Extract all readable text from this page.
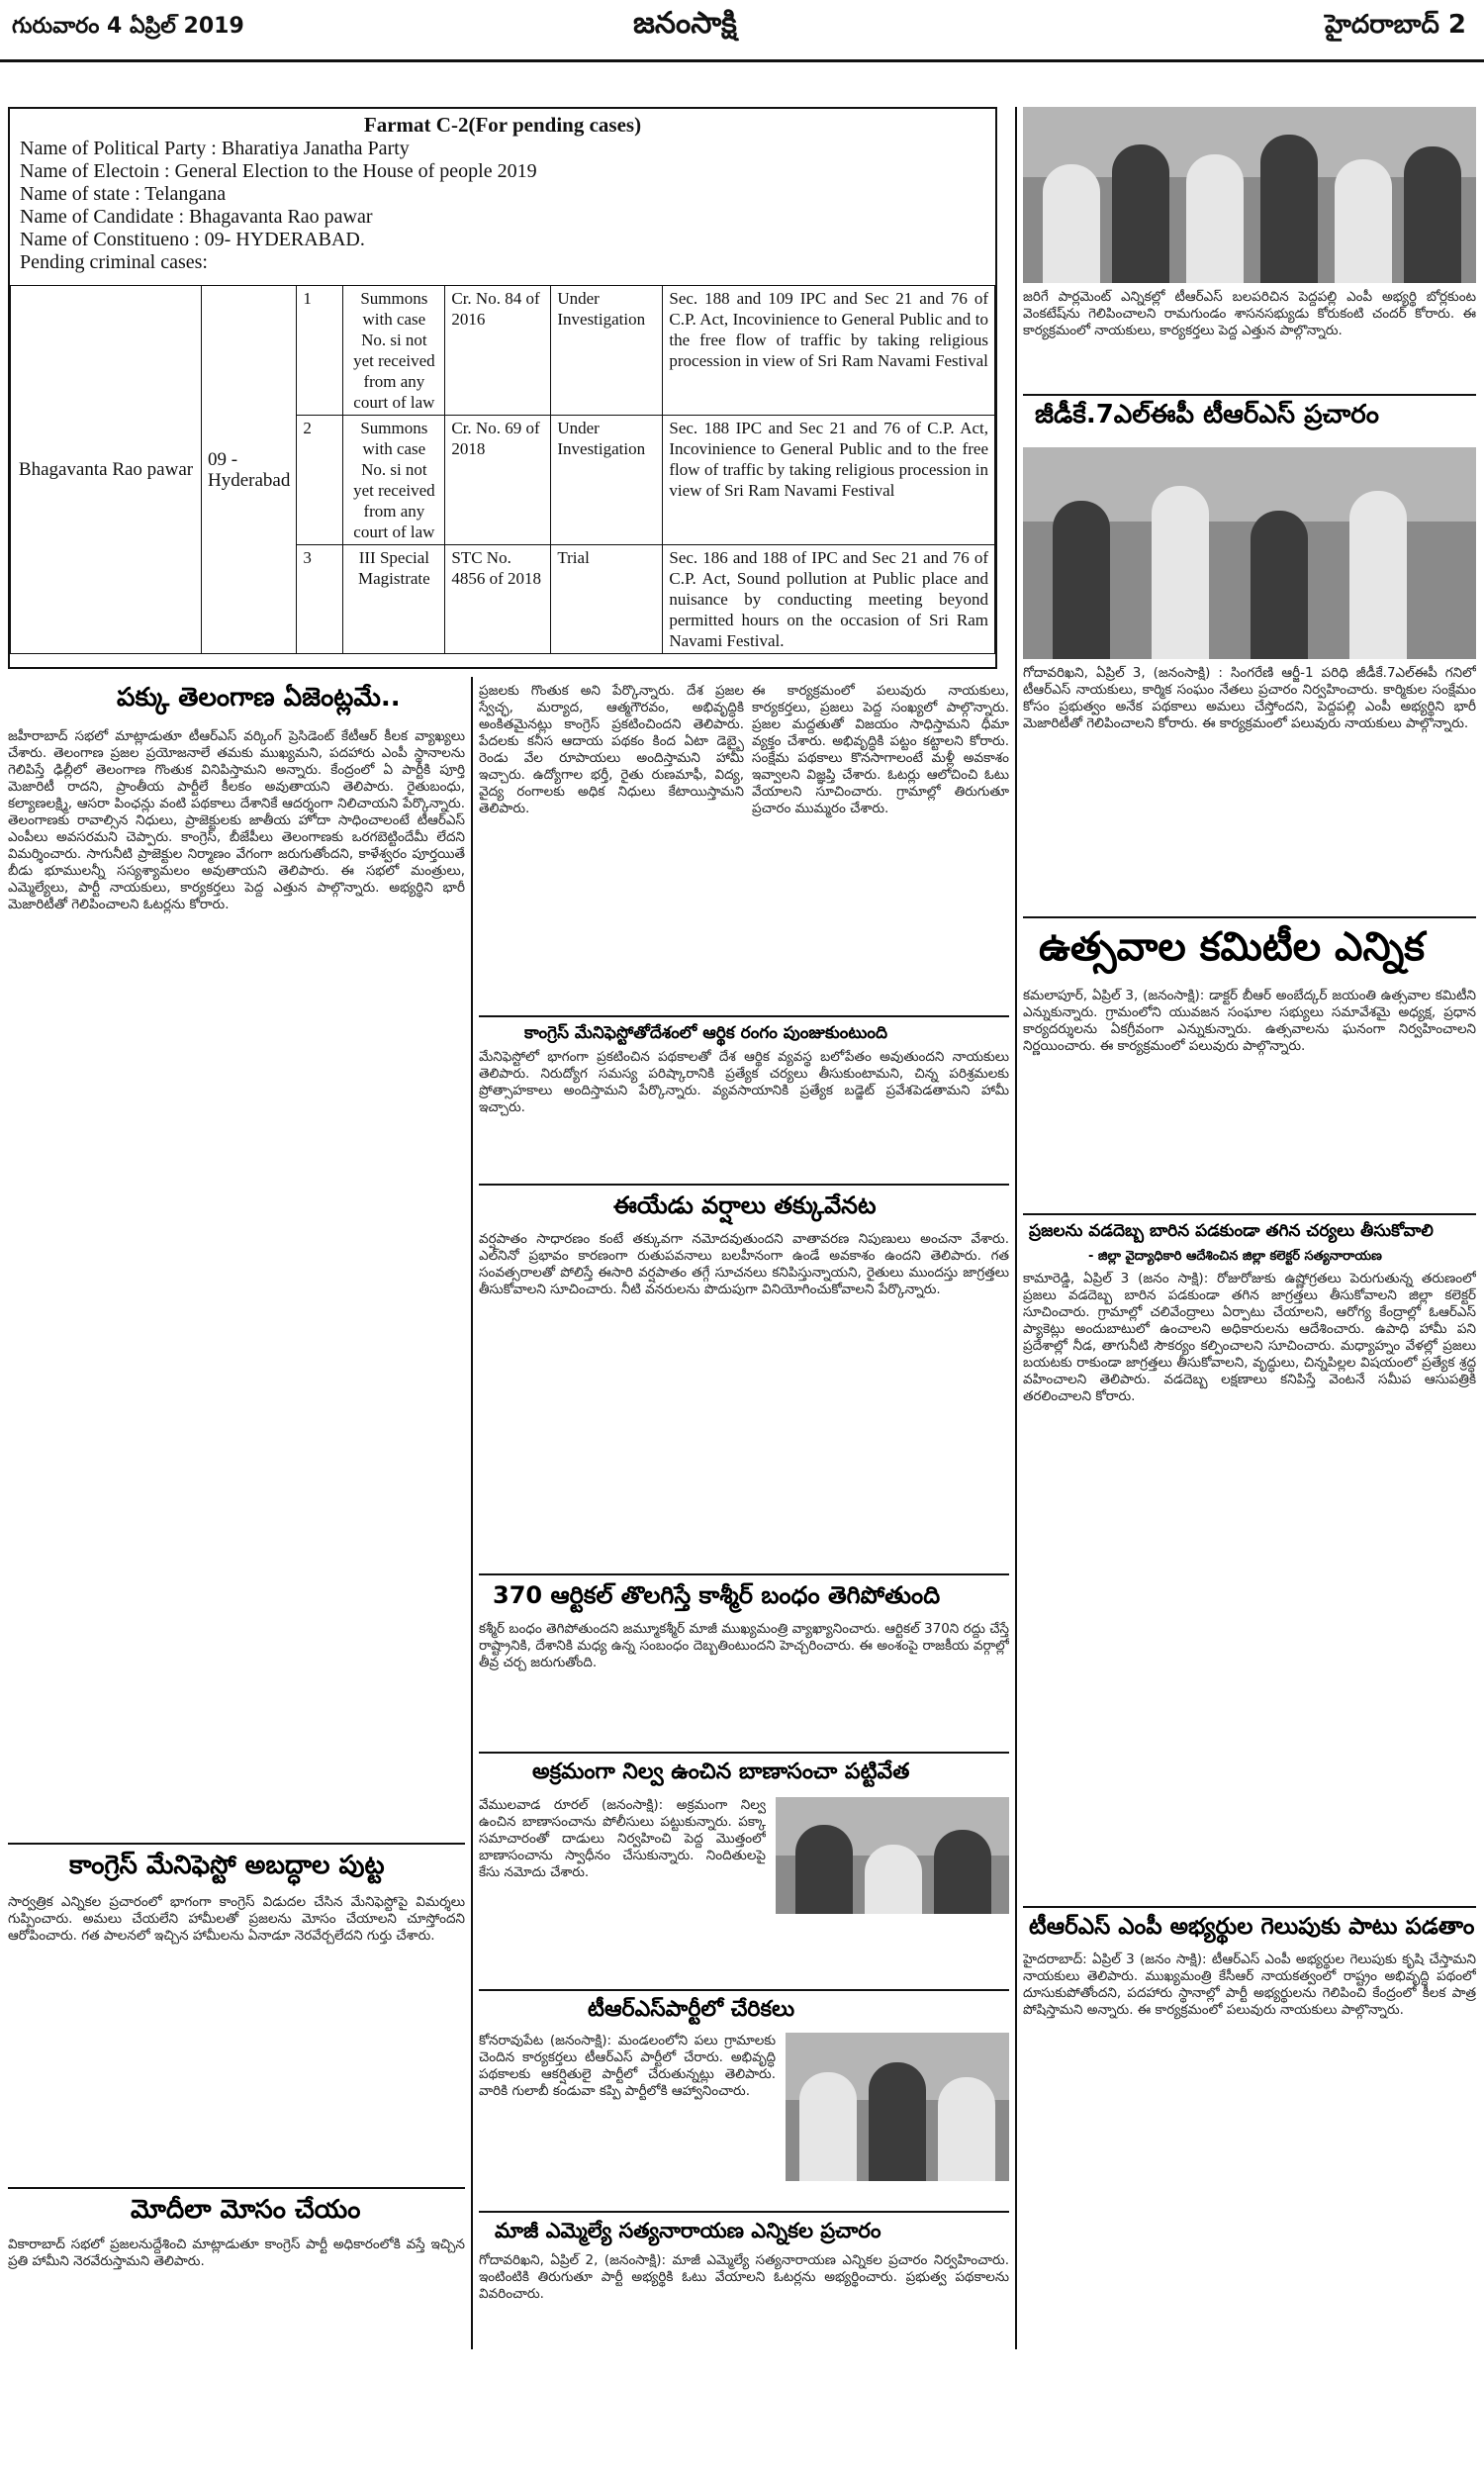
గురువారం 4 ఏప్రిల్ 2019	జనంసాక్షి	హైదరాబాద్ 2
Farmat C-2(For pending cases)
Name of Political Party : Bharatiya Janatha Party
Name of Electoin : General Election to the House of people 2019
Name of state : Telangana
Name of Candidate : Bhagavanta Rao pawar
Name of Constitueno : 09- HYDERABAD.
Pending criminal cases:
Bhagavanta Rao pawar	09 - Hyderabad	1	Summons with case No. si not yet received from any court of law	Cr. No. 84 of 2016	Under Investigation	Sec. 188 and 109 IPC and Sec 21 and 76 of C.P. Act, Incovinience to General Public and to the free flow of traffic by taking religious procession in view of Sri Ram Navami Festival
		2	Summons with case No. si not yet received from any court of law	Cr. No. 69 of 2018	Under Investigation	Sec. 188 IPC and Sec 21 and 76 of C.P. Act, Incovinience to General Public and to the free flow of traffic by taking religious procession in view of Sri Ram Navami Festival
		3	III Special Magistrate	STC No. 4856 of 2018	Trial	Sec. 186 and 188 of IPC and Sec 21 and 76 of C.P. Act, Sound pollution at Public place and nuisance by conducting meeting beyond permitted hours on the occasion of Sri Ram Navami Festival.
జరిగే పార్లమెంట్ ఎన్నికల్లో టీఆర్ఎస్ బలపరిచిన పెద్దపల్లి ఎంపీ అభ్యర్థి బోర్లకుంట వెంకటేష్‌ను గెలిపించాలని రామగుండం శాసనసభ్యుడు కోరుకంటి చందర్ కోరారు. ఈ కార్యక్రమంలో నాయకులు, కార్యకర్తలు పెద్ద ఎత్తున పాల్గొన్నారు.
జీడీకే.7ఎల్ఈపీ టీఆర్ఎస్ ప్రచారం
గోదావరిఖని, ఏప్రిల్ 3, (జనంసాక్షి) : సింగరేణి ఆర్జీ-1 పరిధి జీడీకే.7ఎల్ఈపీ గనిలో టీఆర్ఎస్ నాయకులు, కార్మిక సంఘం నేతలు ప్రచారం నిర్వహించారు. కార్మికుల సంక్షేమం కోసం ప్రభుత్వం అనేక పథకాలు అమలు చేస్తోందని, పెద్దపల్లి ఎంపీ అభ్యర్థిని భారీ మెజారిటీతో గెలిపించాలని కోరారు. ఈ కార్యక్రమంలో పలువురు నాయకులు పాల్గొన్నారు.
ఉత్సవాల కమిటీల ఎన్నిక
కమలాపూర్, ఏప్రిల్ 3, (జనంసాక్షి): డాక్టర్ బీఆర్ అంబేద్కర్ జయంతి ఉత్సవాల కమిటీని ఎన్నుకున్నారు. గ్రామంలోని యువజన సంఘాల సభ్యులు సమావేశమై అధ్యక్ష, ప్రధాన కార్యదర్శులను ఏకగ్రీవంగా ఎన్నుకున్నారు. ఉత్సవాలను ఘనంగా నిర్వహించాలని నిర్ణయించారు. ఈ కార్యక్రమంలో పలువురు పాల్గొన్నారు.
ప్రజలను వడదెబ్బ బారిన పడకుండా తగిన చర్యలు తీసుకోవాలి
- జిల్లా వైద్యాధికారి ఆదేశించిన జిల్లా కలెక్టర్ సత్యనారాయణ
కామారెడ్డి, ఏప్రిల్ 3 (జనం సాక్షి): రోజురోజుకు ఉష్ణోగ్రతలు పెరుగుతున్న తరుణంలో ప్రజలు వడదెబ్బ బారిన పడకుండా తగిన జాగ్రత్తలు తీసుకోవాలని జిల్లా కలెక్టర్ సూచించారు. గ్రామాల్లో చలివేంద్రాలు ఏర్పాటు చేయాలని, ఆరోగ్య కేంద్రాల్లో ఓఆర్ఎస్ ప్యాకెట్లు అందుబాటులో ఉంచాలని అధికారులను ఆదేశించారు. ఉపాధి హామీ పని ప్రదేశాల్లో నీడ, తాగునీటి సౌకర్యం కల్పించాలని సూచించారు. మధ్యాహ్నం వేళల్లో ప్రజలు బయటకు రాకుండా జాగ్రత్తలు తీసుకోవాలని, వృద్ధులు, చిన్నపిల్లల విషయంలో ప్రత్యేక శ్రద్ధ వహించాలని తెలిపారు. వడదెబ్బ లక్షణాలు కనిపిస్తే వెంటనే సమీప ఆసుపత్రికి తరలించాలని కోరారు.
టీఆర్ఎస్ ఎంపీ అభ్యర్థుల గెలుపుకు పాటు పడతాం
హైదరాబాద్: ఏప్రిల్ 3 (జనం సాక్షి): టీఆర్ఎస్ ఎంపీ అభ్యర్థుల గెలుపుకు కృషి చేస్తామని నాయకులు తెలిపారు. ముఖ్యమంత్రి కేసీఆర్ నాయకత్వంలో రాష్ట్రం అభివృద్ధి పథంలో దూసుకుపోతోందని, పదహారు స్థానాల్లో పార్టీ అభ్యర్థులను గెలిపించి కేంద్రంలో కీలక పాత్ర పోషిస్తామని అన్నారు. ఈ కార్యక్రమంలో పలువురు నాయకులు పాల్గొన్నారు.
పక్కు తెలంగాణ ఏజెంట్లమే..
జహీరాబాద్ సభలో మాట్లాడుతూ టీఆర్ఎస్ వర్కింగ్ ప్రెసిడెంట్ కేటీఆర్ కీలక వ్యాఖ్యలు చేశారు. తెలంగాణ ప్రజల ప్రయోజనాలే తమకు ముఖ్యమని, పదహారు ఎంపీ స్థానాలను గెలిపిస్తే ఢిల్లీలో తెలంగాణ గొంతుక వినిపిస్తామని అన్నారు. కేంద్రంలో ఏ పార్టీకి పూర్తి మెజారిటీ రాదని, ప్రాంతీయ పార్టీలే కీలకం అవుతాయని తెలిపారు. రైతుబంధు, కల్యాణలక్ష్మి, ఆసరా పింఛన్లు వంటి పథకాలు దేశానికే ఆదర్శంగా నిలిచాయని పేర్కొన్నారు. తెలంగాణకు రావాల్సిన నిధులు, ప్రాజెక్టులకు జాతీయ హోదా సాధించాలంటే టీఆర్ఎస్ ఎంపీలు అవసరమని చెప్పారు. కాంగ్రెస్, బీజేపీలు తెలంగాణకు ఒరగబెట్టిందేమీ లేదని విమర్శించారు. సాగునీటి ప్రాజెక్టుల నిర్మాణం వేగంగా జరుగుతోందని, కాళేశ్వరం పూర్తయితే బీడు భూములన్నీ సస్యశ్యామలం అవుతాయని తెలిపారు. ఈ సభలో మంత్రులు, ఎమ్మెల్యేలు, పార్టీ నాయకులు, కార్యకర్తలు పెద్ద ఎత్తున పాల్గొన్నారు. అభ్యర్థిని భారీ మెజారిటీతో గెలిపించాలని ఓటర్లను కోరారు.
కాంగ్రెస్ మేనిఫెస్టో అబద్ధాల పుట్ట
సార్వత్రిక ఎన్నికల ప్రచారంలో భాగంగా కాంగ్రెస్ విడుదల చేసిన మేనిఫెస్టోపై విమర్శలు గుప్పించారు. అమలు చేయలేని హామీలతో ప్రజలను మోసం చేయాలని చూస్తోందని ఆరోపించారు. గత పాలనలో ఇచ్చిన హామీలను ఏనాడూ నెరవేర్చలేదని గుర్తు చేశారు.
మోదీలా మోసం చేయం
వికారాబాద్ సభలో ప్రజలనుద్దేశించి మాట్లాడుతూ కాంగ్రెస్ పార్టీ అధికారంలోకి వస్తే ఇచ్చిన ప్రతి హామీని నెరవేరుస్తామని తెలిపారు.
ప్రజలకు గొంతుక అని పేర్కొన్నారు. దేశ ప్రజల స్వేచ్ఛ, మర్యాద, ఆత్మగౌరవం, అభివృద్ధికి అంకితమైనట్లు కాంగ్రెస్ ప్రకటించిందని తెలిపారు. పేదలకు కనీస ఆదాయ పథకం కింద ఏటా డెబ్బై రెండు వేల రూపాయలు అందిస్తామని హామీ ఇచ్చారు. ఉద్యోగాల భర్తీ, రైతు రుణమాఫీ, విద్య, వైద్య రంగాలకు అధిక నిధులు కేటాయిస్తామని తెలిపారు.
కాంగ్రెస్ మేనిఫెస్టోతోదేశంలో ఆర్థిక రంగం పుంజుకుంటుంది
మేనిఫెస్టోలో భాగంగా ప్రకటించిన పథకాలతో దేశ ఆర్థిక వ్యవస్థ బలోపేతం అవుతుందని నాయకులు తెలిపారు. నిరుద్యోగ సమస్య పరిష్కారానికి ప్రత్యేక చర్యలు తీసుకుంటామని, చిన్న పరిశ్రమలకు ప్రోత్సాహకాలు అందిస్తామని పేర్కొన్నారు. వ్యవసాయానికి ప్రత్యేక బడ్జెట్ ప్రవేశపెడతామని హామీ ఇచ్చారు.
ఈయేడు వర్షాలు తక్కువేనట
వర్షపాతం సాధారణం కంటే తక్కువగా నమోదవుతుందని వాతావరణ నిపుణులు అంచనా వేశారు. ఎల్‌నినో ప్రభావం కారణంగా రుతుపవనాలు బలహీనంగా ఉండే అవకాశం ఉందని తెలిపారు. గత సంవత్సరాలతో పోలిస్తే ఈసారి వర్షపాతం తగ్గే సూచనలు కనిపిస్తున్నాయని, రైతులు ముందస్తు జాగ్రత్తలు తీసుకోవాలని సూచించారు. నీటి వనరులను పొదుపుగా వినియోగించుకోవాలని పేర్కొన్నారు.
370 ఆర్టికల్ తొలగిస్తే కాశ్మీర్ బంధం తెగిపోతుంది
కశ్మీర్ బంధం తెగిపోతుందని జమ్మూకశ్మీర్ మాజీ ముఖ్యమంత్రి వ్యాఖ్యానించారు. ఆర్టికల్ 370ని రద్దు చేస్తే రాష్ట్రానికి, దేశానికి మధ్య ఉన్న సంబంధం దెబ్బతింటుందని హెచ్చరించారు. ఈ అంశంపై రాజకీయ వర్గాల్లో తీవ్ర చర్చ జరుగుతోంది.
అక్రమంగా నిల్వ ఉంచిన బాణాసంచా పట్టివేత
వేములవాడ రూరల్ (జనంసాక్షి): అక్రమంగా నిల్వ ఉంచిన బాణాసంచాను పోలీసులు పట్టుకున్నారు. పక్కా సమాచారంతో దాడులు నిర్వహించి పెద్ద మొత్తంలో బాణాసంచాను స్వాధీనం చేసుకున్నారు. నిందితులపై కేసు నమోదు చేశారు.
టీఆర్ఎస్‌పార్టీలో చేరికలు
కోనరావుపేట (జనంసాక్షి): మండలంలోని పలు గ్రామాలకు చెందిన కార్యకర్తలు టీఆర్ఎస్ పార్టీలో చేరారు. అభివృద్ధి పథకాలకు ఆకర్షితులై పార్టీలో చేరుతున్నట్లు తెలిపారు. వారికి గులాబీ కండువా కప్పి పార్టీలోకి ఆహ్వానించారు.
మాజీ ఎమ్మెల్యే సత్యనారాయణ ఎన్నికల ప్రచారం
గోదావరిఖని, ఏప్రిల్ 2, (జనంసాక్షి): మాజీ ఎమ్మెల్యే సత్యనారాయణ ఎన్నికల ప్రచారం నిర్వహించారు. ఇంటింటికి తిరుగుతూ పార్టీ అభ్యర్థికి ఓటు వేయాలని ఓటర్లను అభ్యర్థించారు. ప్రభుత్వ పథకాలను వివరించారు.
ఈ కార్యక్రమంలో పలువురు నాయకులు, కార్యకర్తలు, ప్రజలు పెద్ద సంఖ్యలో పాల్గొన్నారు. ప్రజల మద్దతుతో విజయం సాధిస్తామని ధీమా వ్యక్తం చేశారు. అభివృద్ధికి పట్టం కట్టాలని కోరారు. సంక్షేమ పథకాలు కొనసాగాలంటే మళ్లీ అవకాశం ఇవ్వాలని విజ్ఞప్తి చేశారు. ఓటర్లు ఆలోచించి ఓటు వేయాలని సూచించారు. గ్రామాల్లో తిరుగుతూ ప్రచారం ముమ్మరం చేశారు.
